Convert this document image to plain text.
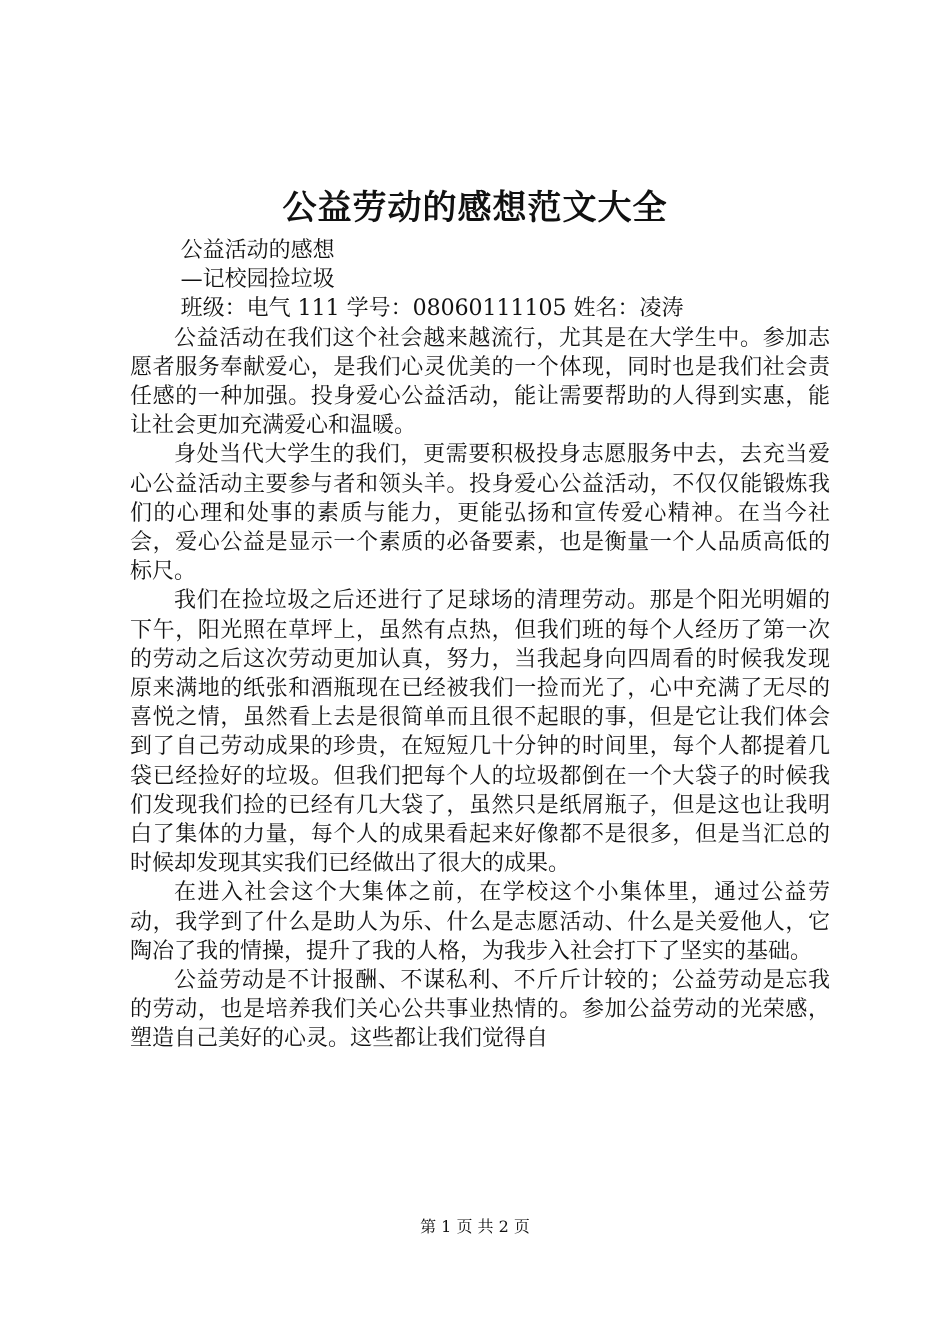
公益劳动的感想范文大全

公益活动的感想

—记校园捡垃圾

班级：电气 111 学号：08060111105 姓名：凌涛

公益活动在我们这个社会越来越流行，尤其是在大学生中。参加志愿者服务奉献爱心，是我们心灵优美的一个体现，同时也是我们社会责任感的一种加强。投身爱心公益活动，能让需要帮助的人得到实惠，能让社会更加充满爱心和温暖。

身处当代大学生的我们，更需要积极投身志愿服务中去，去充当爱心公益活动主要参与者和领头羊。投身爱心公益活动，不仅仅能锻炼我们的心理和处事的素质与能力，更能弘扬和宣传爱心精神。在当今社会，爱心公益是显示一个素质的必备要素，也是衡量一个人品质高低的标尺。

我们在捡垃圾之后还进行了足球场的清理劳动。那是个阳光明媚的下午，阳光照在草坪上，虽然有点热，但我们班的每个人经历了第一次的劳动之后这次劳动更加认真，努力，当我起身向四周看的时候我发现原来满地的纸张和酒瓶现在已经被我们一捡而光了，心中充满了无尽的喜悦之情，虽然看上去是很简单而且很不起眼的事，但是它让我们体会到了自己劳动成果的珍贵，在短短几十分钟的时间里，每个人都提着几袋已经捡好的垃圾。但我们把每个人的垃圾都倒在一个大袋子的时候我们发现我们捡的已经有几大袋了，虽然只是纸屑瓶子，但是这也让我明白了集体的力量，每个人的成果看起来好像都不是很多，但是当汇总的时候却发现其实我们已经做出了很大的成果。

在进入社会这个大集体之前，在学校这个小集体里，通过公益劳动，我学到了什么是助人为乐、什么是志愿活动、什么是关爱他人，它陶冶了我的情操，提升了我的人格，为我步入社会打下了坚实的基础。

公益劳动是不计报酬、不谋私利、不斤斤计较的；公益劳动是忘我的劳动，也是培养我们关心公共事业热情的。参加公益劳动的光荣感，塑造自己美好的心灵。这些都让我们觉得自

第 1 页 共 2 页
